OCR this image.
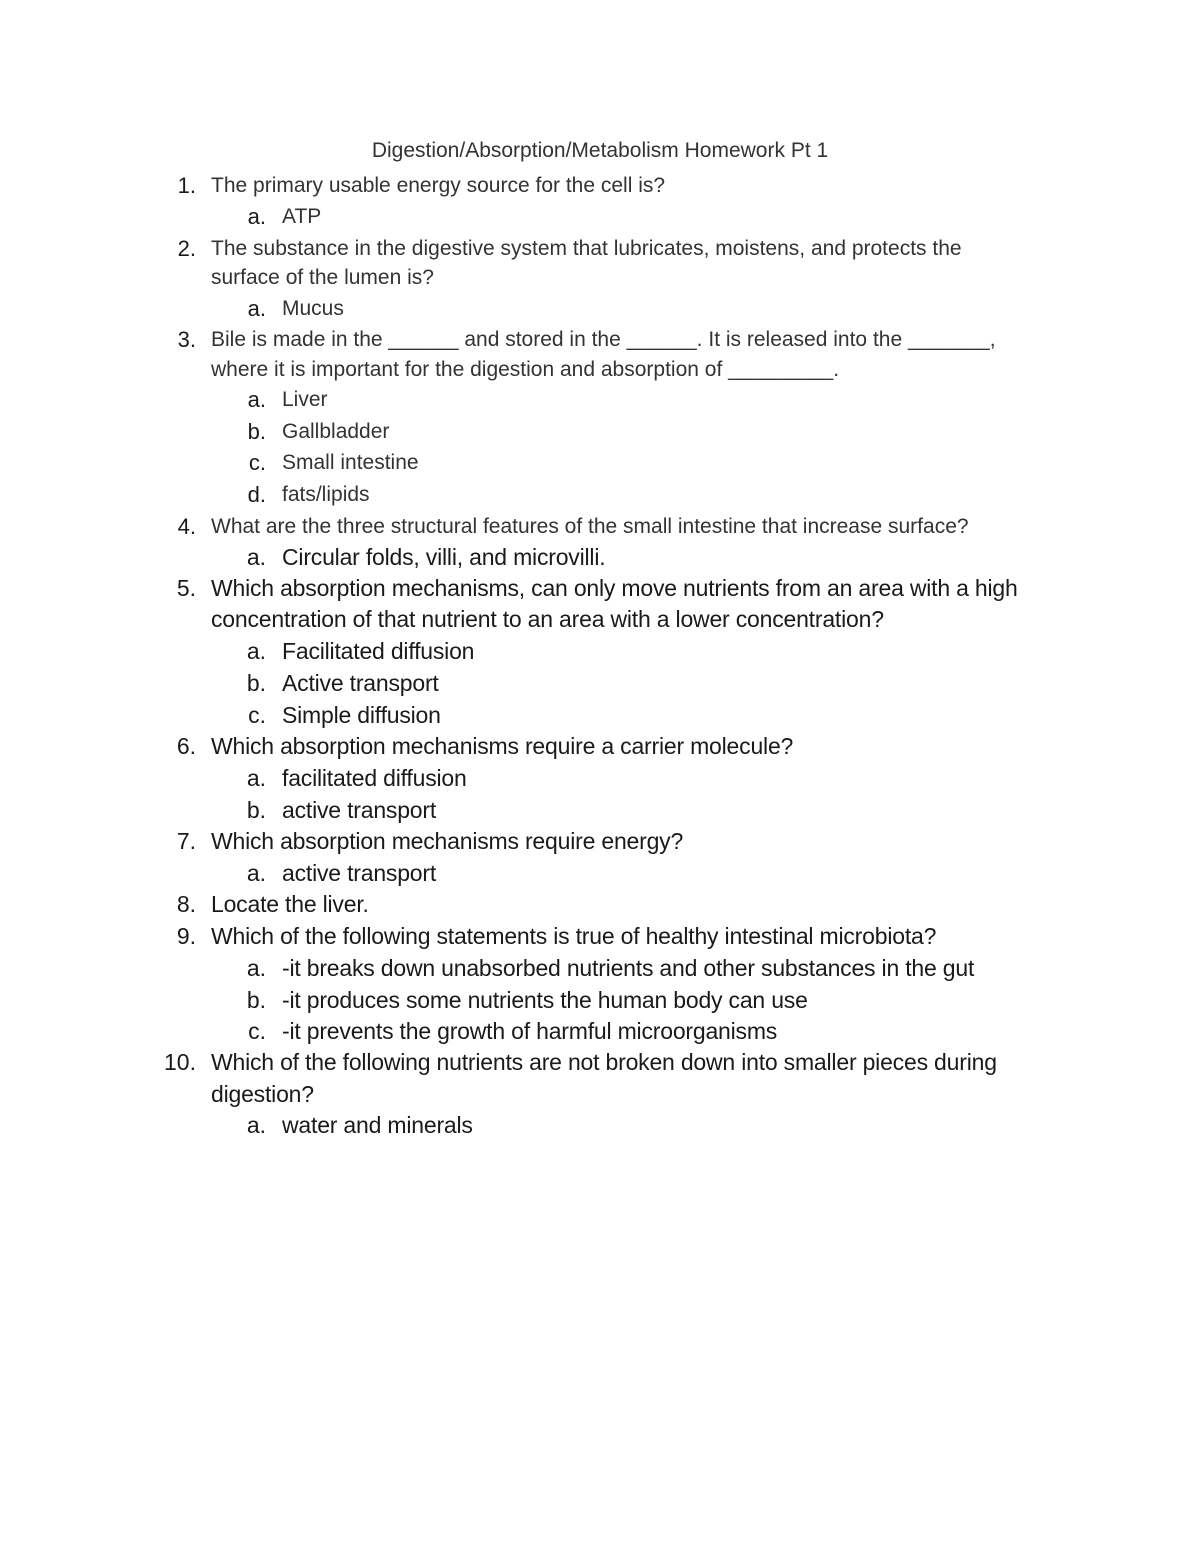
Digestion/Absorption/Metabolism Homework Pt 1
1. The primary usable energy source for the cell is?
a. ATP
2. The substance in the digestive system that lubricates, moistens, and protects the
surface of the lumen is?
a. Mucus
3. Bile is made in the ______ and stored in the ______. It is released into the _______,
where it is important for the digestion and absorption of _________.
a. Liver
b. Gallbladder
c. Small intestine
d. fats/lipids
4. What are the three structural features of the small intestine that increase surface?
a. Circular folds, villi, and microvilli.
5. Which absorption mechanisms, can only move nutrients from an area with a high
concentration of that nutrient to an area with a lower concentration?
a. Facilitated diffusion
b. Active transport
c. Simple diffusion
6. Which absorption mechanisms require a carrier molecule?
a. facilitated diffusion
b. active transport
7. Which absorption mechanisms require energy?
a. active transport
8. Locate the liver.
9. Which of the following statements is true of healthy intestinal microbiota?
a. -it breaks down unabsorbed nutrients and other substances in the gut
b. -it produces some nutrients the human body can use
c. -it prevents the growth of harmful microorganisms
10. Which of the following nutrients are not broken down into smaller pieces during
digestion?
a. water and minerals
